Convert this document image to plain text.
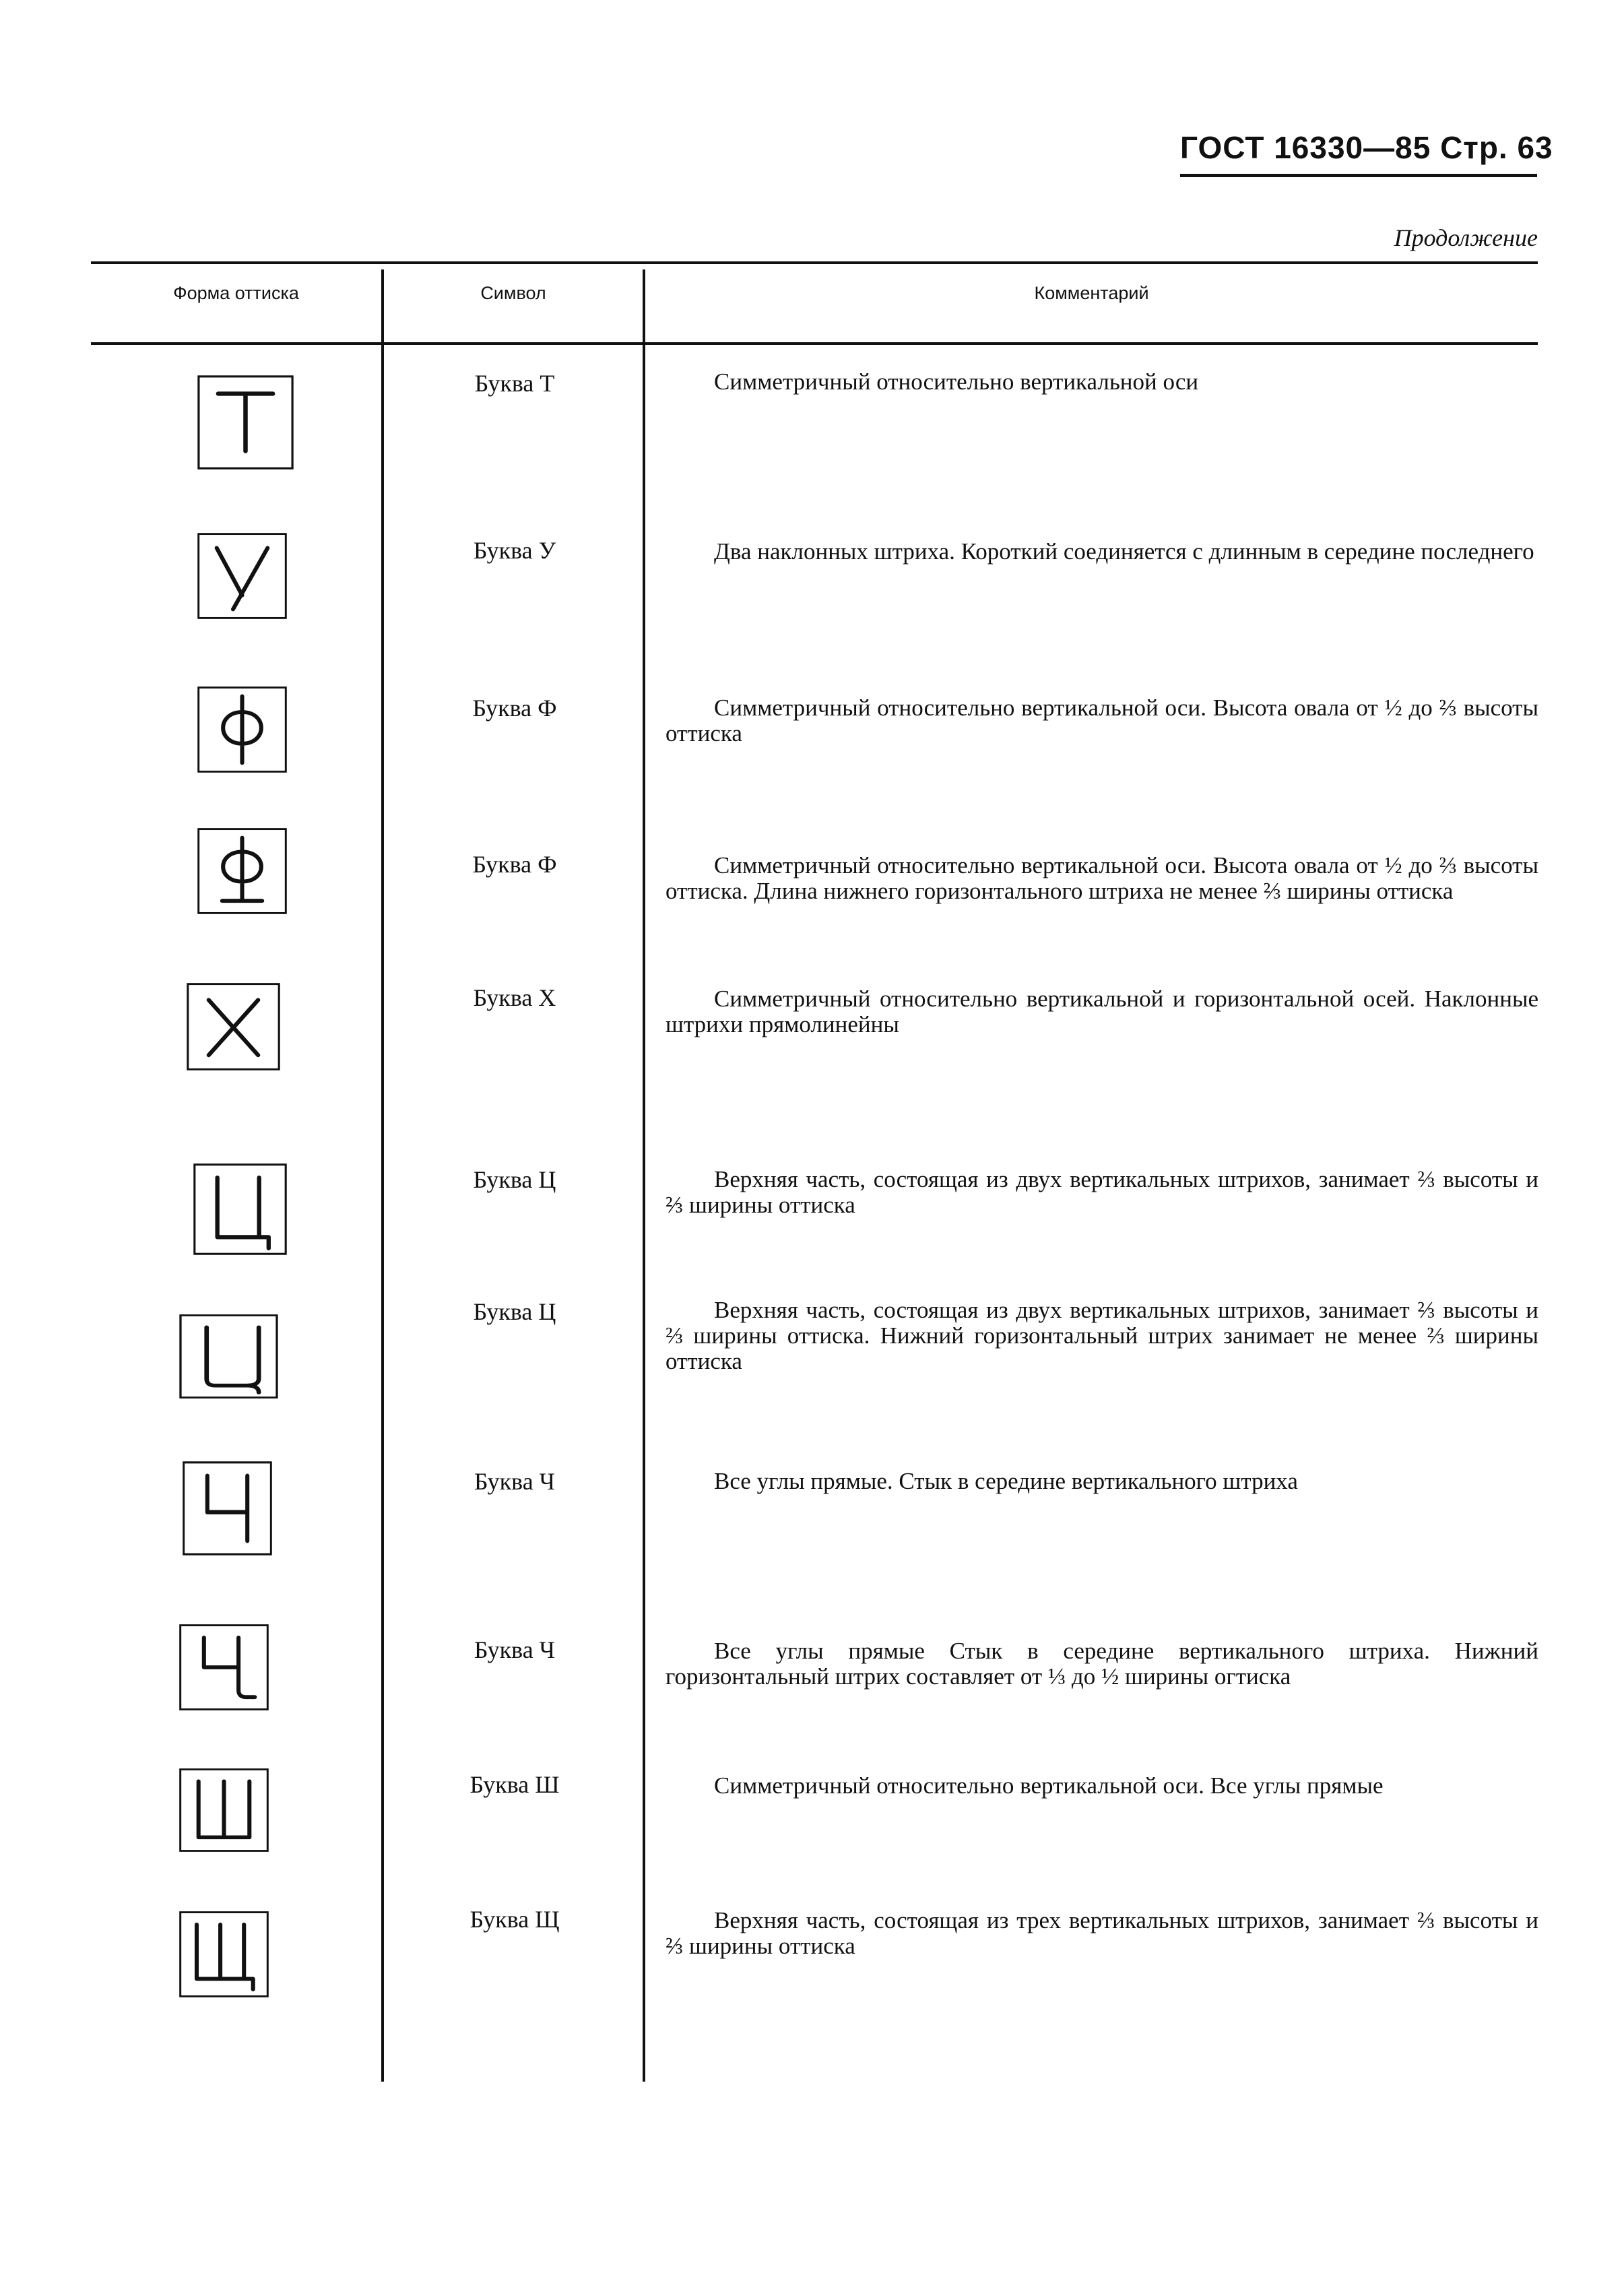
ГОСТ 16330—85 Стр. 63
Продолжение
Форма оттиска	Символ	Комментарий
Буква Т	Симметричный относительно вертикальной оси
Буква У	Два наклонных штриха. Короткий соединяется с длинным в середине последнего
Буква Ф	Симметричный относительно вертикальной оси. Высота овала от ½ до ⅔ высоты оттиска
Буква Ф	Симметричный относительно вертикальной оси. Высота овала от ½ до ⅔ высоты оттиска. Длина нижнего горизонтального штриха не менее ⅔ ширины оттиска
Буква Х	Симметричный относительно вертикальной и горизонтальной осей. Наклонные штрихи прямолинейны
Буква Ц	Верхняя часть, состоящая из двух вертикальных штрихов, занимает ⅔ высоты и ⅔ ширины оттиска
Буква Ц	Верхняя часть, состоящая из двух вертикальных штрихов, занимает ⅔ высоты и ⅔ ширины оттиска. Нижний горизонтальный штрих занимает не менее ⅔ ширины оттиска
Буква Ч	Все углы прямые. Стык в середине вертикального штриха
Буква Ч	Все углы прямые Стык в середине вертикального штриха. Нижний горизонтальный штрих составляет от ⅓ до ½ ширины огтиска
Буква Ш	Симметричный относительно вертикальной оси. Все углы прямые
Буква Щ	Верхняя часть, состоящая из трех вертикальных штрихов, занимает ⅔ высоты и ⅔ ширины оттиска
